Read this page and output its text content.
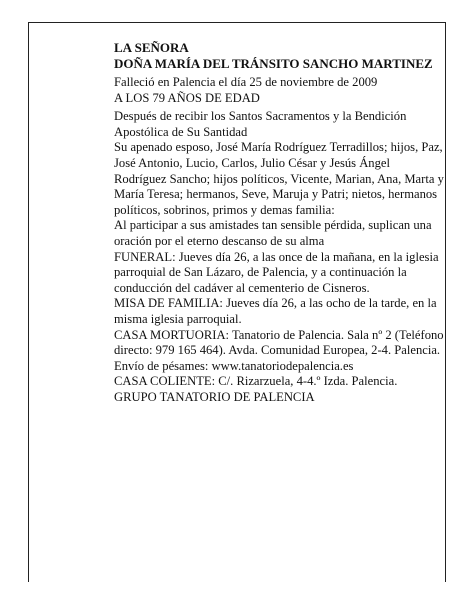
LA SEÑORA
DOÑA MARÍA DEL TRÁNSITO SANCHO MARTINEZ

Falleció en Palencia el día 25 de noviembre de 2009

A LOS 79 AÑOS DE EDAD

Después de recibir los Santos Sacramentos y la Bendición Apostólica de Su Santidad

Su apenado esposo, José María Rodríguez Terradillos; hijos, Paz, José Antonio, Lucio, Carlos, Julio César y Jesús Ángel Rodríguez Sancho; hijos políticos, Vicente, Marian, Ana, Marta y María Teresa; hermanos, Seve, Maruja y Patri; nietos, hermanos políticos, sobrinos, primos y demas familia:

Al participar a sus amistades tan sensible pérdida, suplican una oración por el eterno descanso de su alma

FUNERAL: Jueves día 26, a las once de la mañana, en la iglesia parroquial de San Lázaro, de Palencia, y a continuación la conducción del cadáver al cementerio de Cisneros.

MISA DE FAMILIA: Jueves día 26, a las ocho de la tarde, en la misma iglesia parroquial.

CASA MORTUORIA: Tanatorio de Palencia. Sala nº 2 (Teléfono directo: 979 165 464). Avda. Comunidad Europea, 2-4. Palencia.

Envío de pésames: www.tanatoriodepalencia.es

CASA COLIENTE: C/. Rizarzuela, 4-4.º Izda. Palencia.

GRUPO TANATORIO DE PALENCIA
